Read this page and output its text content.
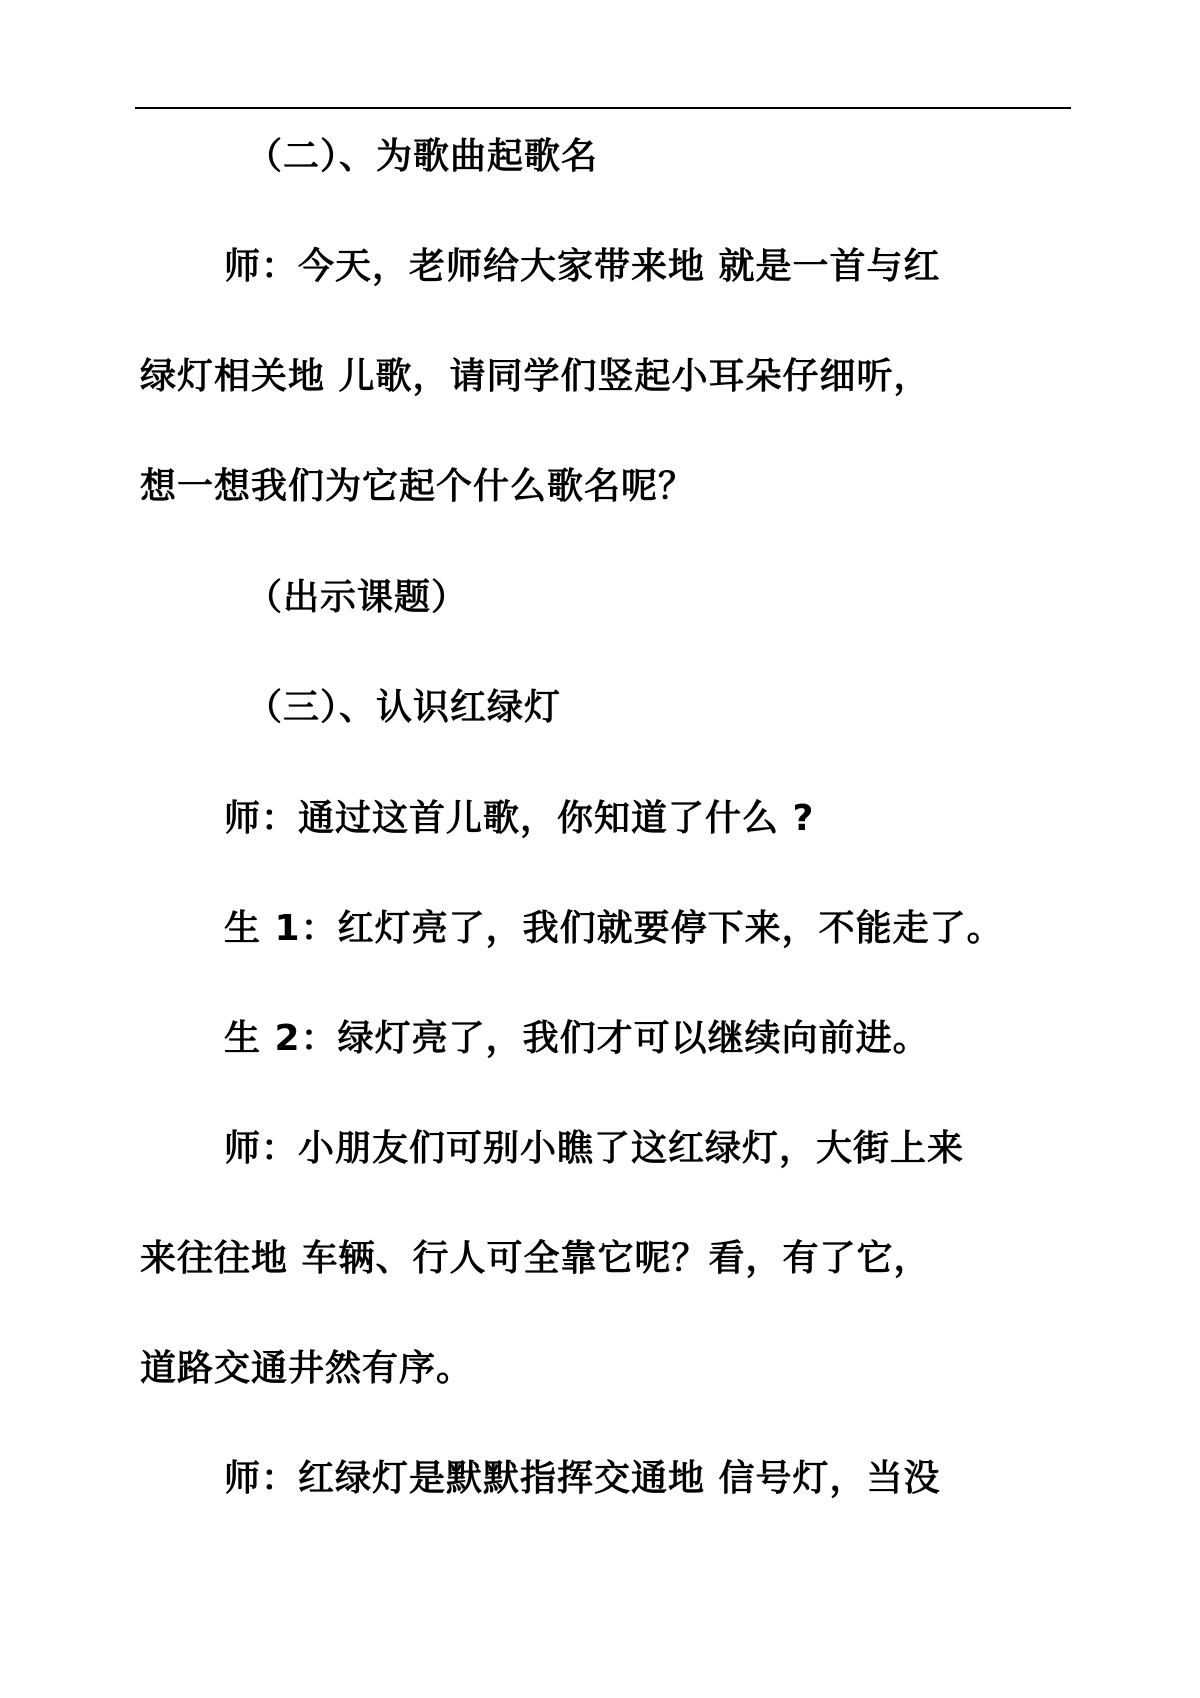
（二）、为歌曲起歌名
师：今天，老师给大家带来地 就是一首与红
绿灯相关地 儿歌，请同学们竖起小耳朵仔细听，
想一想我们为它起个什么歌名呢？
（出示课题）
（三）、认识红绿灯
师：通过这首儿歌，你知道了什么 ?
生 1：红灯亮了，我们就要停下来，不能走了。
生 2：绿灯亮了，我们才可以继续向前进。
师：小朋友们可别小瞧了这红绿灯，大街上来
来往往地 车辆、行人可全靠它呢？看，有了它，
道路交通井然有序。
师：红绿灯是默默指挥交通地 信号灯，当没
